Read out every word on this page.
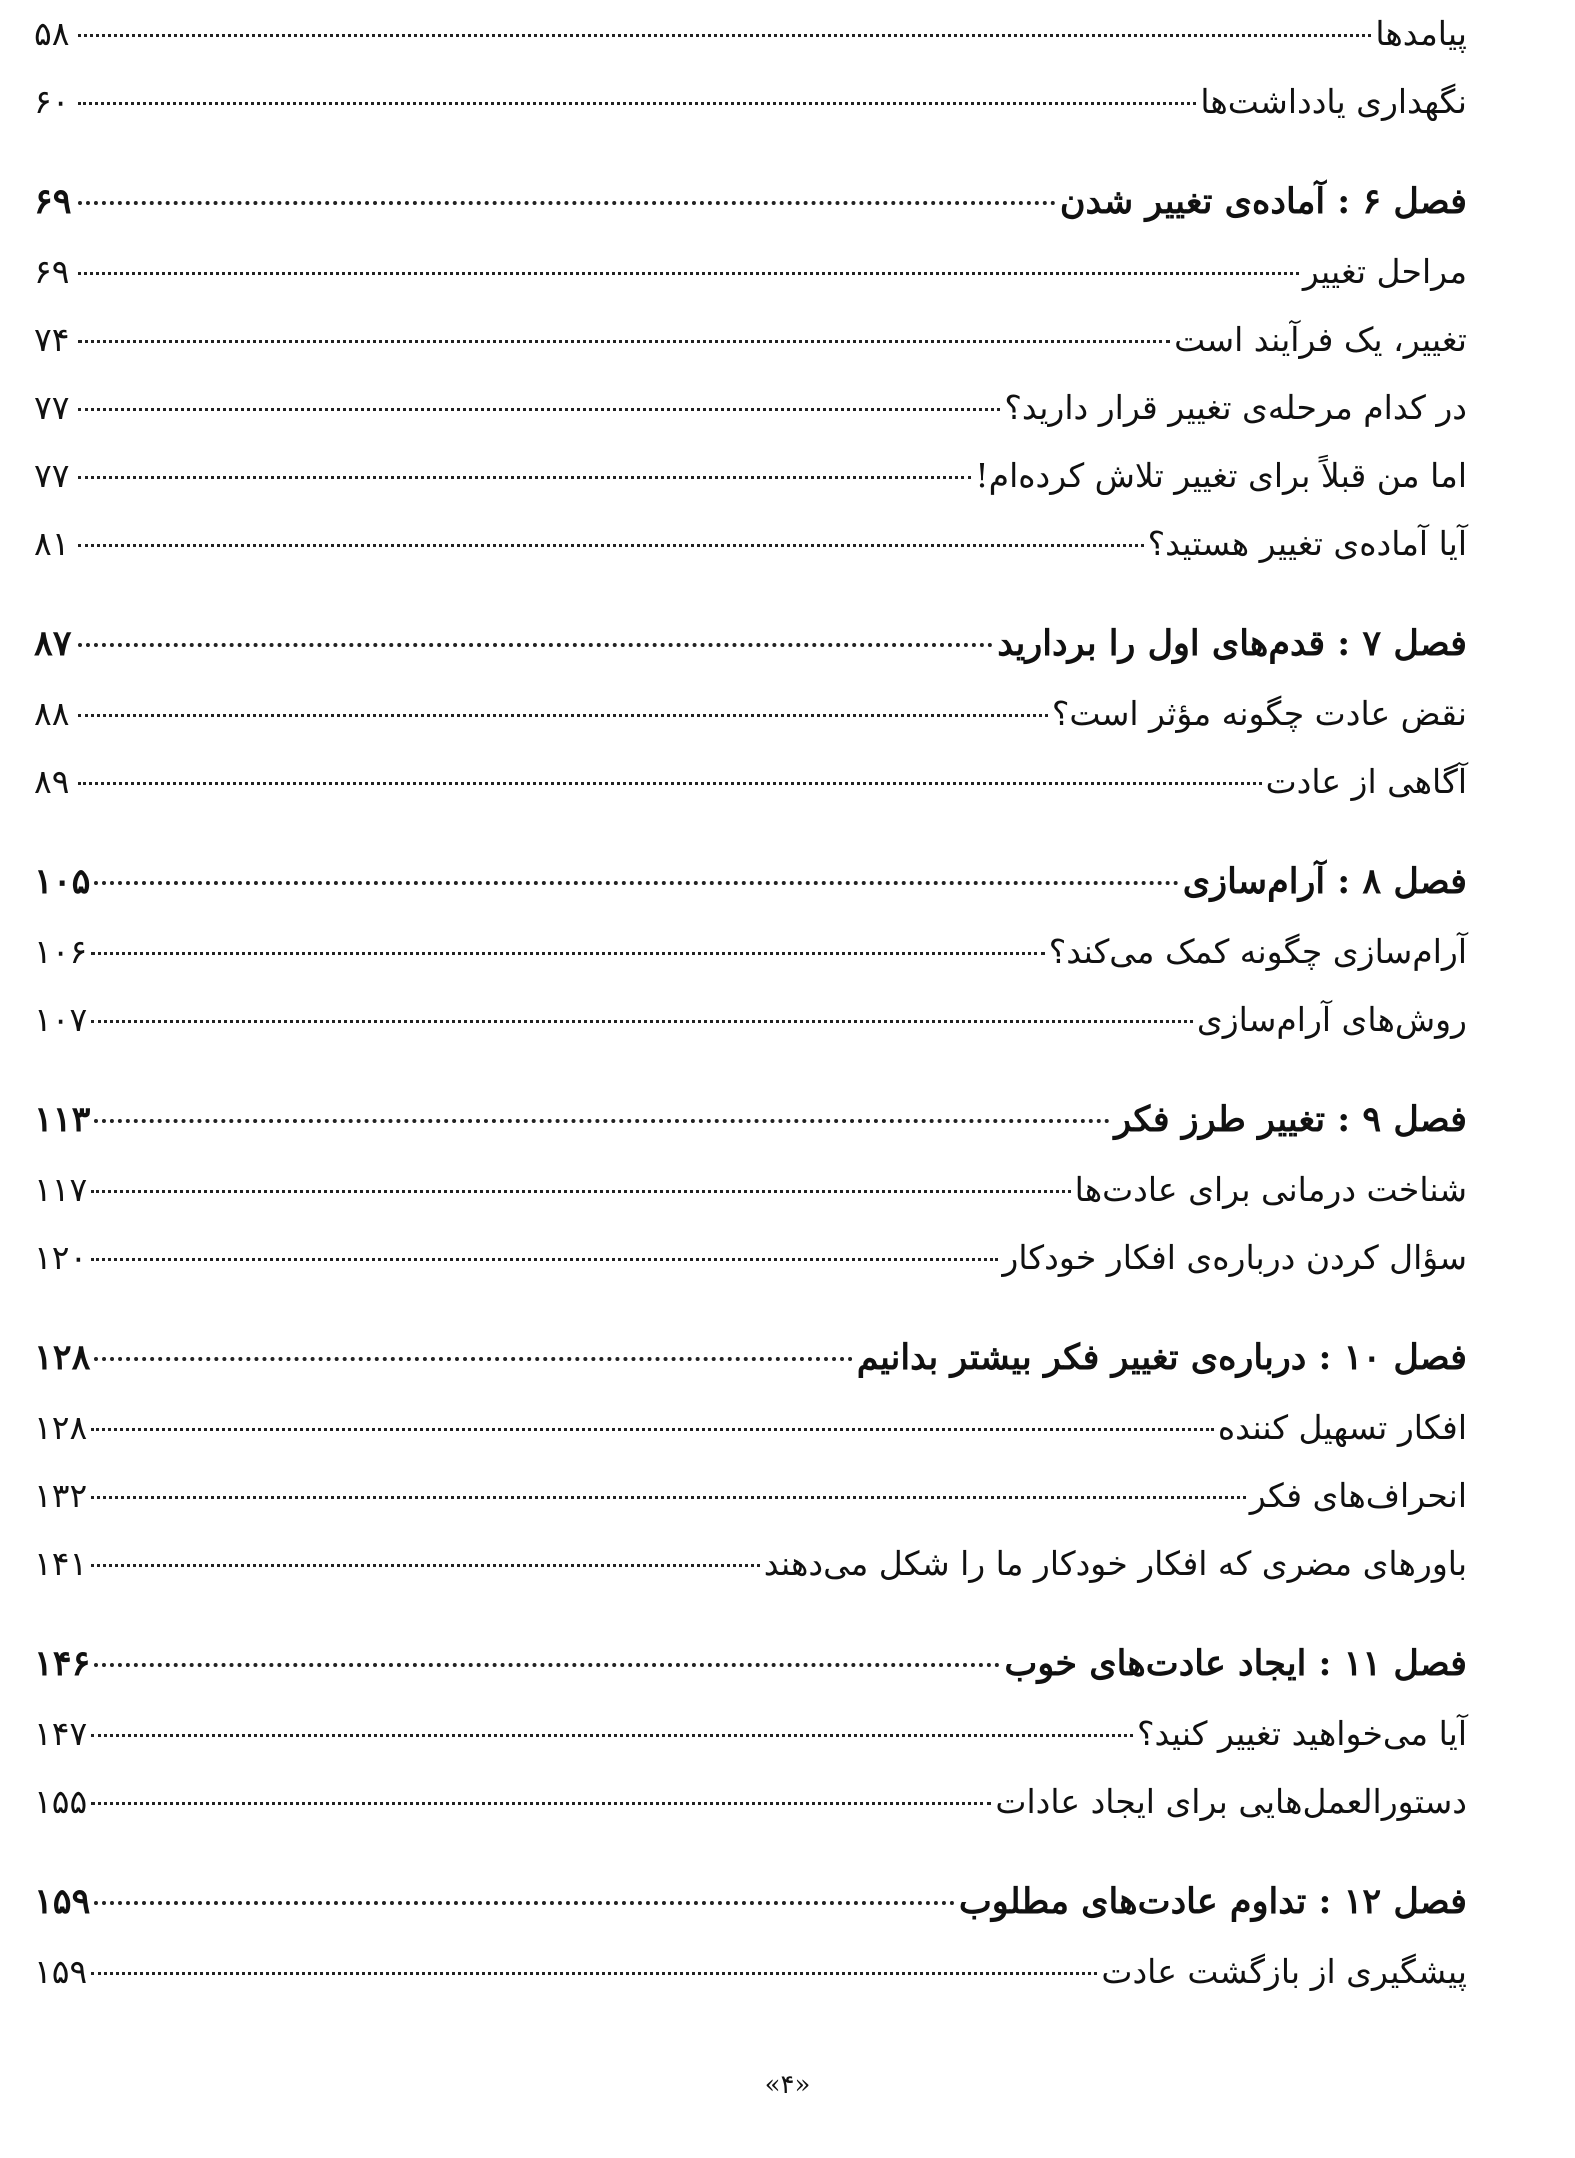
پیامدها
۵۸
نگهداری یادداشت‌ها
۶۰
فصل ۶ : آماده‌ی تغییر شدن
۶۹
مراحل تغییر
۶۹
تغییر، یک فرآیند است
۷۴
در کدام مرحله‌ی تغییر قرار دارید؟
۷۷
اما من قبلاً برای تغییر تلاش کرده‌ام!
۷۷
آیا آماده‌ی تغییر هستید؟
۸۱
فصل ۷ : قدم‌های اول را بردارید
۸۷
نقض عادت چگونه مؤثر است؟
۸۸
آگاهی از عادت
۸۹
فصل ۸ : آرام‌سازی
۱۰۵
آرام‌سازی چگونه کمک می‌کند؟
۱۰۶
روش‌های آرام‌سازی
۱۰۷
فصل ۹ : تغییر طرز فکر
۱۱۳
شناخت درمانی برای عادت‌ها
۱۱۷
سؤال کردن درباره‌ی افکار خودکار
۱۲۰
فصل ۱۰ : درباره‌ی تغییر فکر بیشتر بدانیم
۱۲۸
افکار تسهیل کننده
۱۲۸
انحراف‌های فکر
۱۳۲
باورهای مضری که افکار خودکار ما را شکل می‌دهند
۱۴۱
فصل ۱۱ : ایجاد عادت‌های خوب
۱۴۶
آیا می‌خواهید تغییر کنید؟
۱۴۷
دستورالعمل‌هایی برای ایجاد عادات
۱۵۵
فصل ۱۲ : تداوم عادت‌های مطلوب
۱۵۹
پیشگیری از بازگشت عادت
۱۵۹
«۴»
